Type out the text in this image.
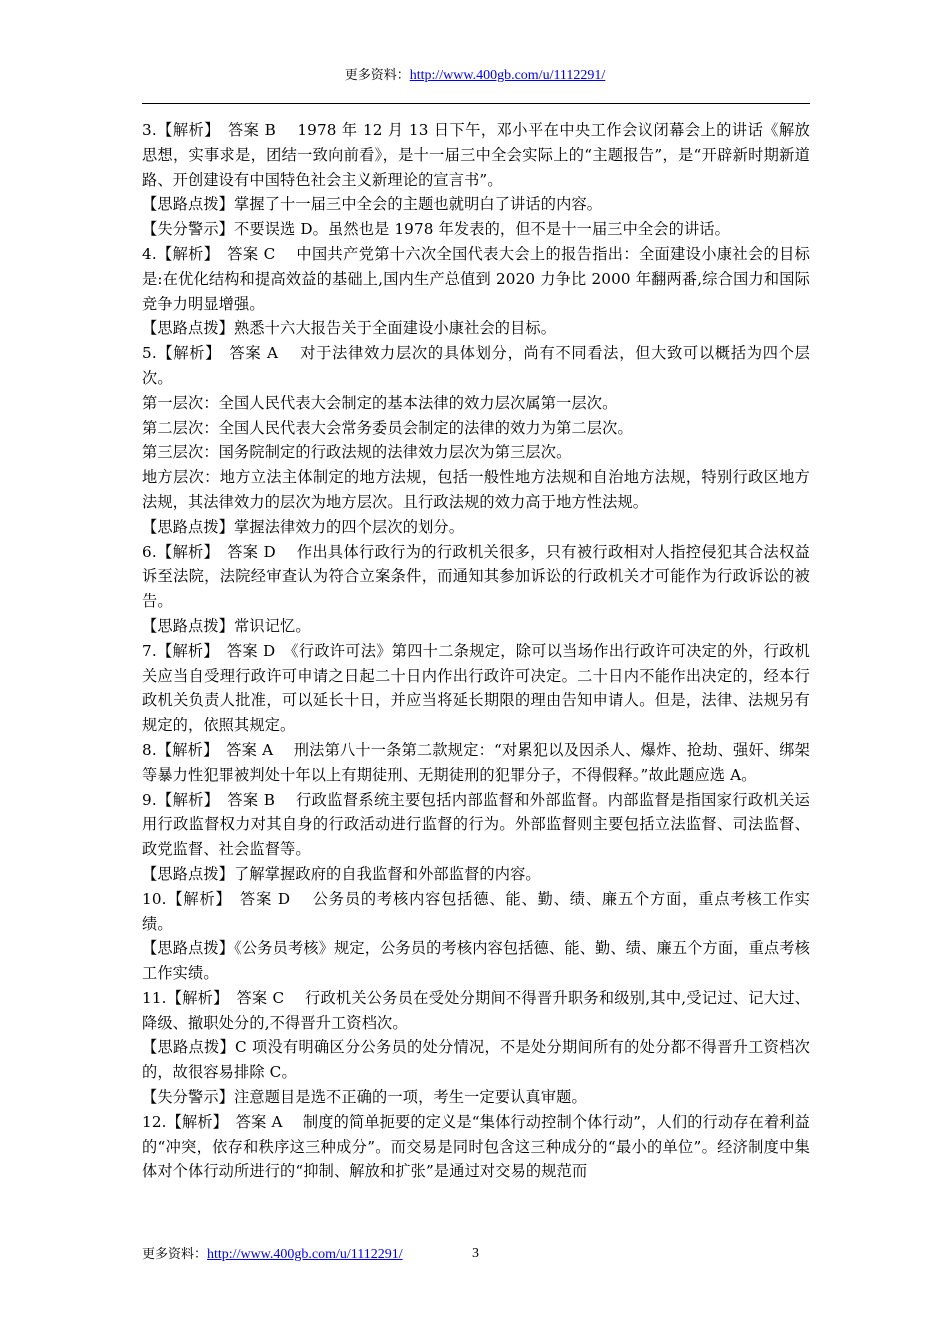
更多资料：http://www.400gb.com/u/1112291/

3.【解析】　答案 B　 1978 年 12 月 13 日下午，邓小平在中央工作会议闭幕会上的讲话《解放思想，实事求是，团结一致向前看》，是十一届三中全会实际上的“主题报告”，是“开辟新时期新道路、开创建设有中国特色社会主义新理论的宣言书”。

【思路点拨】掌握了十一届三中全会的主题也就明白了讲话的内容。

【失分警示】不要误选 D。虽然也是 1978 年发表的，但不是十一届三中全会的讲话。

4.【解析】　答案 C　 中国共产党第十六次全国代表大会上的报告指出：全面建设小康社会的目标是:在优化结构和提高效益的基础上,国内生产总值到 2020 力争比 2000 年翻两番,综合国力和国际竞争力明显增强。

【思路点拨】熟悉十六大报告关于全面建设小康社会的目标。

5.【解析】　答案 A　 对于法律效力层次的具体划分，尚有不同看法，但大致可以概括为四个层次。

第一层次：全国人民代表大会制定的基本法律的效力层次属第一层次。

第二层次：全国人民代表大会常务委员会制定的法律的效力为第二层次。

第三层次：国务院制定的行政法规的法律效力层次为第三层次。

地方层次：地方立法主体制定的地方法规，包括一般性地方法规和自治地方法规，特别行政区地方法规，其法律效力的层次为地方层次。且行政法规的效力高于地方性法规。

【思路点拨】掌握法律效力的四个层次的划分。

6.【解析】　答案 D　 作出具体行政行为的行政机关很多，只有被行政相对人指控侵犯其合法权益诉至法院，法院经审查认为符合立案条件，而通知其参加诉讼的行政机关才可能作为行政诉讼的被告。

【思路点拨】常识记忆。

7.【解析】　答案 D　《行政许可法》第四十二条规定，除可以当场作出行政许可决定的外，行政机关应当自受理行政许可申请之日起二十日内作出行政许可决定。二十日内不能作出决定的，经本行政机关负责人批准，可以延长十日，并应当将延长期限的理由告知申请人。但是，法律、法规另有规定的，依照其规定。

8.【解析】　答案 A　 刑法第八十一条第二款规定：“对累犯以及因杀人、爆炸、抢劫、强奸、绑架等暴力性犯罪被判处十年以上有期徒刑、无期徒刑的犯罪分子，不得假释。”故此题应选 A。

9.【解析】　答案 B　 行政监督系统主要包括内部监督和外部监督。内部监督是指国家行政机关运用行政监督权力对其自身的行政活动进行监督的行为。外部监督则主要包括立法监督、司法监督、政党监督、社会监督等。

【思路点拨】了解掌握政府的自我监督和外部监督的内容。

10.【解析】　答案 D　 公务员的考核内容包括德、能、勤、绩、廉五个方面，重点考核工作实绩。

【思路点拨】《公务员考核》规定，公务员的考核内容包括德、能、勤、绩、廉五个方面，重点考核工作实绩。

11.【解析】　答案 C　 行政机关公务员在受处分期间不得晋升职务和级别,其中,受记过、记大过、降级、撤职处分的,不得晋升工资档次。

【思路点拨】C 项没有明确区分公务员的处分情况，不是处分期间所有的处分都不得晋升工资档次的，故很容易排除 C。

【失分警示】注意题目是选不正确的一项，考生一定要认真审题。

12.【解析】　答案 A　 制度的简单扼要的定义是“集体行动控制个体行动”，人们的行动存在着利益的“冲突，依存和秩序这三种成分”。而交易是同时包含这三种成分的“最小的单位”。经济制度中集体对个体行动所进行的“抑制、解放和扩张”是通过对交易的规范而

更多资料：http://www.400gb.com/u/1112291/	3
